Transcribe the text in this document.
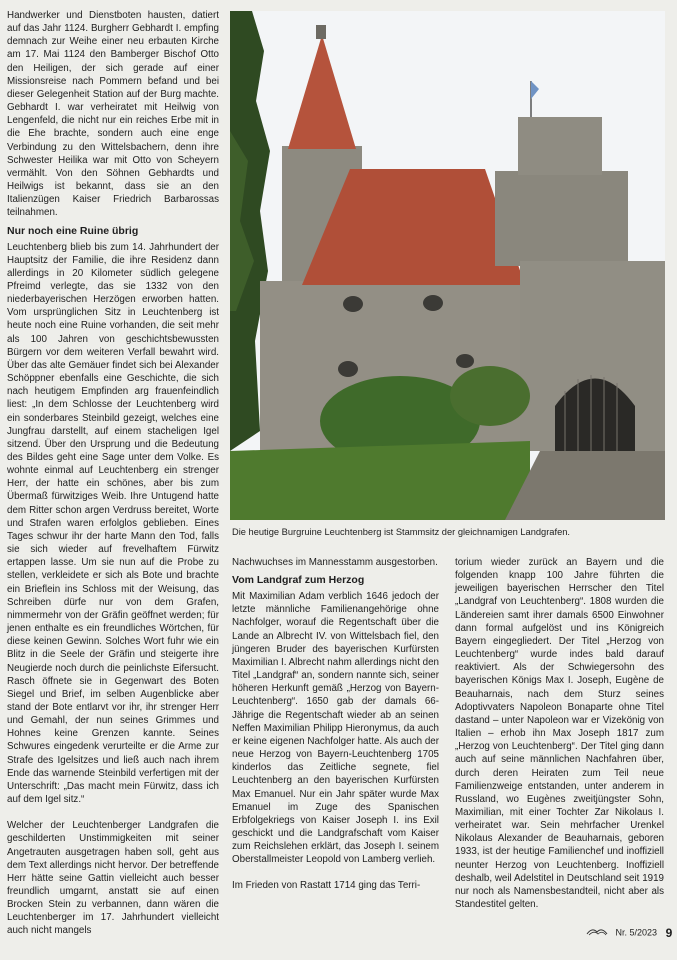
Handwerker und Dienstboten hausten, datiert auf das Jahr 1124. Burgherr Gebhardt I. empfing demnach zur Weihe einer neu erbauten Kirche am 17. Mai 1124 den Bamberger Bischof Otto den Heiligen, der sich gerade auf einer Missionsreise nach Pommern befand und bei dieser Gelegenheit Station auf der Burg machte. Gebhardt I. war verheiratet mit Heilwig von Lengenfeld, die nicht nur ein reiches Erbe mit in die Ehe brachte, sondern auch eine enge Verbindung zu den Wittelsbachern, denn ihre Schwester Heilika war mit Otto von Scheyern vermählt. Von den Söhnen Gebhardts und Heilwigs ist bekannt, dass sie an den Italienzügen Kaiser Friedrich Barbarossas teilnahmen.

Nur noch eine Ruine übrig

Leuchtenberg blieb bis zum 14. Jahrhundert der Hauptsitz der Familie, die ihre Residenz dann allerdings in 20 Kilometer südlich gelegene Pfreimd verlegte, das sie 1332 von den niederbayerischen Herzögen erworben hatten. Vom ursprünglichen Sitz in Leuchtenberg ist heute noch eine Ruine vorhanden, die seit mehr als 100 Jahren von geschichtsbewussten Bürgern vor dem weiteren Verfall bewahrt wird. Über das alte Gemäuer findet sich bei Alexander Schöppner ebenfalls eine Geschichte, die sich nach heutigem Empfinden arg frauenfeindlich liest: „In dem Schlosse der Leuchtenberg wird ein sonderbares Steinbild gezeigt, welches eine Jungfrau darstellt, auf einem stacheligen Igel sitzend. Über den Ursprung und die Bedeutung des Bildes geht eine Sage unter dem Volke. Es wohnte einmal auf Leuchtenberg ein strenger Herr, der hatte ein schönes, aber bis zum Übermaß fürwitziges Weib. Ihre Untugend hatte dem Ritter schon argen Verdruss bereitet, Worte und Strafen waren erfolglos geblieben. Eines Tages schwur ihr der harte Mann den Tod, falls sie sich wieder auf frevelhaftem Fürwitz ertappen lasse. Um sie nun auf die Probe zu stellen, verkleidete er sich als Bote und brachte ein Brieflein ins Schloss mit der Weisung, das Schreiben dürfe nur von dem Grafen, nimmermehr von der Gräfin geöffnet werden; für jenen enthalte es ein freundliches Wörtchen, für diese keinen Gewinn. Solches Wort fuhr wie ein Blitz in die Seele der Gräfin und steigerte ihre Neugierde noch durch die peinlichste Eifersucht. Rasch öffnete sie in Gegenwart des Boten Siegel und Brief, im selben Augenblicke aber stand der Bote entlarvt vor ihr, ihr strenger Herr und Gemahl, der nun seines Grimmes und Hohnes keine Grenzen kannte. Seines Schwures eingedenk verurteilte er die Arme zur Strafe des Igelsitzes und ließ auch nach ihrem Ende das warnende Steinbild verfertigen mit der Unterschrift: „Das macht mein Fürwitz, dass ich auf dem Igel sitz.“

Welcher der Leuchtenberger Landgrafen die geschilderten Unstimmigkeiten mit seiner Angetrauten ausgetragen haben soll, geht aus dem Text allerdings nicht hervor. Der betreffende Herr hätte seine Gattin vielleicht auch besser freundlich umgarnt, anstatt sie auf einen Brocken Stein zu verbannen, dann wären die Leuchtenberger im 17. Jahrhundert vielleicht auch nicht mangels

Die heutige Burgruine Leuchtenberg ist Stammsitz der gleichnamigen Landgrafen.

Nachwuchses im Mannesstamm ausgestorben.

Vom Landgraf zum Herzog

Mit Maximilian Adam verblich 1646 jedoch der letzte männliche Familienangehörige ohne Nachfolger, worauf die Regentschaft über die Lande an Albrecht IV. von Wittelsbach fiel, den jüngeren Bruder des bayerischen Kurfürsten Maximilian I. Albrecht nahm allerdings nicht den Titel „Landgraf“ an, sondern nannte sich, seiner höheren Herkunft gemäß „Herzog von Bayern-Leuchtenberg“. 1650 gab der damals 66-Jährige die Regentschaft wieder ab an seinen Neffen Maximilian Philipp Hieronymus, da auch er keine eigenen Nachfolger hatte. Als auch der neue Herzog von Bayern-Leuchtenberg 1705 kinderlos das Zeitliche segnete, fiel Leuchtenberg an den bayerischen Kurfürsten Max Emanuel. Nur ein Jahr später wurde Max Emanuel im Zuge des Spanischen Erbfolgekriegs von Kaiser Joseph I. ins Exil geschickt und die Landgrafschaft vom Kaiser zum Reichslehen erklärt, das Joseph I. seinem Oberstallmeister Leopold von Lamberg verlieh.

Im Frieden von Rastatt 1714 ging das Terri-

torium wieder zurück an Bayern und die folgenden knapp 100 Jahre führten die jeweiligen bayerischen Herrscher den Titel „Landgraf von Leuchtenberg“. 1808 wurden die Ländereien samt ihrer damals 6500 Einwohner dann formal aufgelöst und ins Königreich Bayern eingegliedert. Der Titel „Herzog von Leuchtenberg“ wurde indes bald darauf reaktiviert. Als der Schwiegersohn des bayerischen Königs Max I. Joseph, Eugène de Beauharnais, nach dem Sturz seines Adoptivvaters Napoleon Bonaparte ohne Titel dastand – unter Napoleon war er Vizekönig von Italien – erhob ihn Max Joseph 1817 zum „Herzog von Leuchtenberg“. Der Titel ging dann auch auf seine männlichen Nachfahren über, durch deren Heiraten zum Teil neue Familienzweige entstanden, unter anderem in Russland, wo Eugènes zweitjüngster Sohn, Maximilian, mit einer Tochter Zar Nikolaus I. verheiratet war. Sein mehrfacher Urenkel Nikolaus Alexander de Beauharnais, geboren 1933, ist der heutige Familienchef und inoffiziell neunter Herzog von Leuchtenberg. Inoffiziell deshalb, weil Adelstitel in Deutschland seit 1919 nur noch als Namensbestandteil, nicht aber als Standestitel gelten.

Nr. 5/2023 9
